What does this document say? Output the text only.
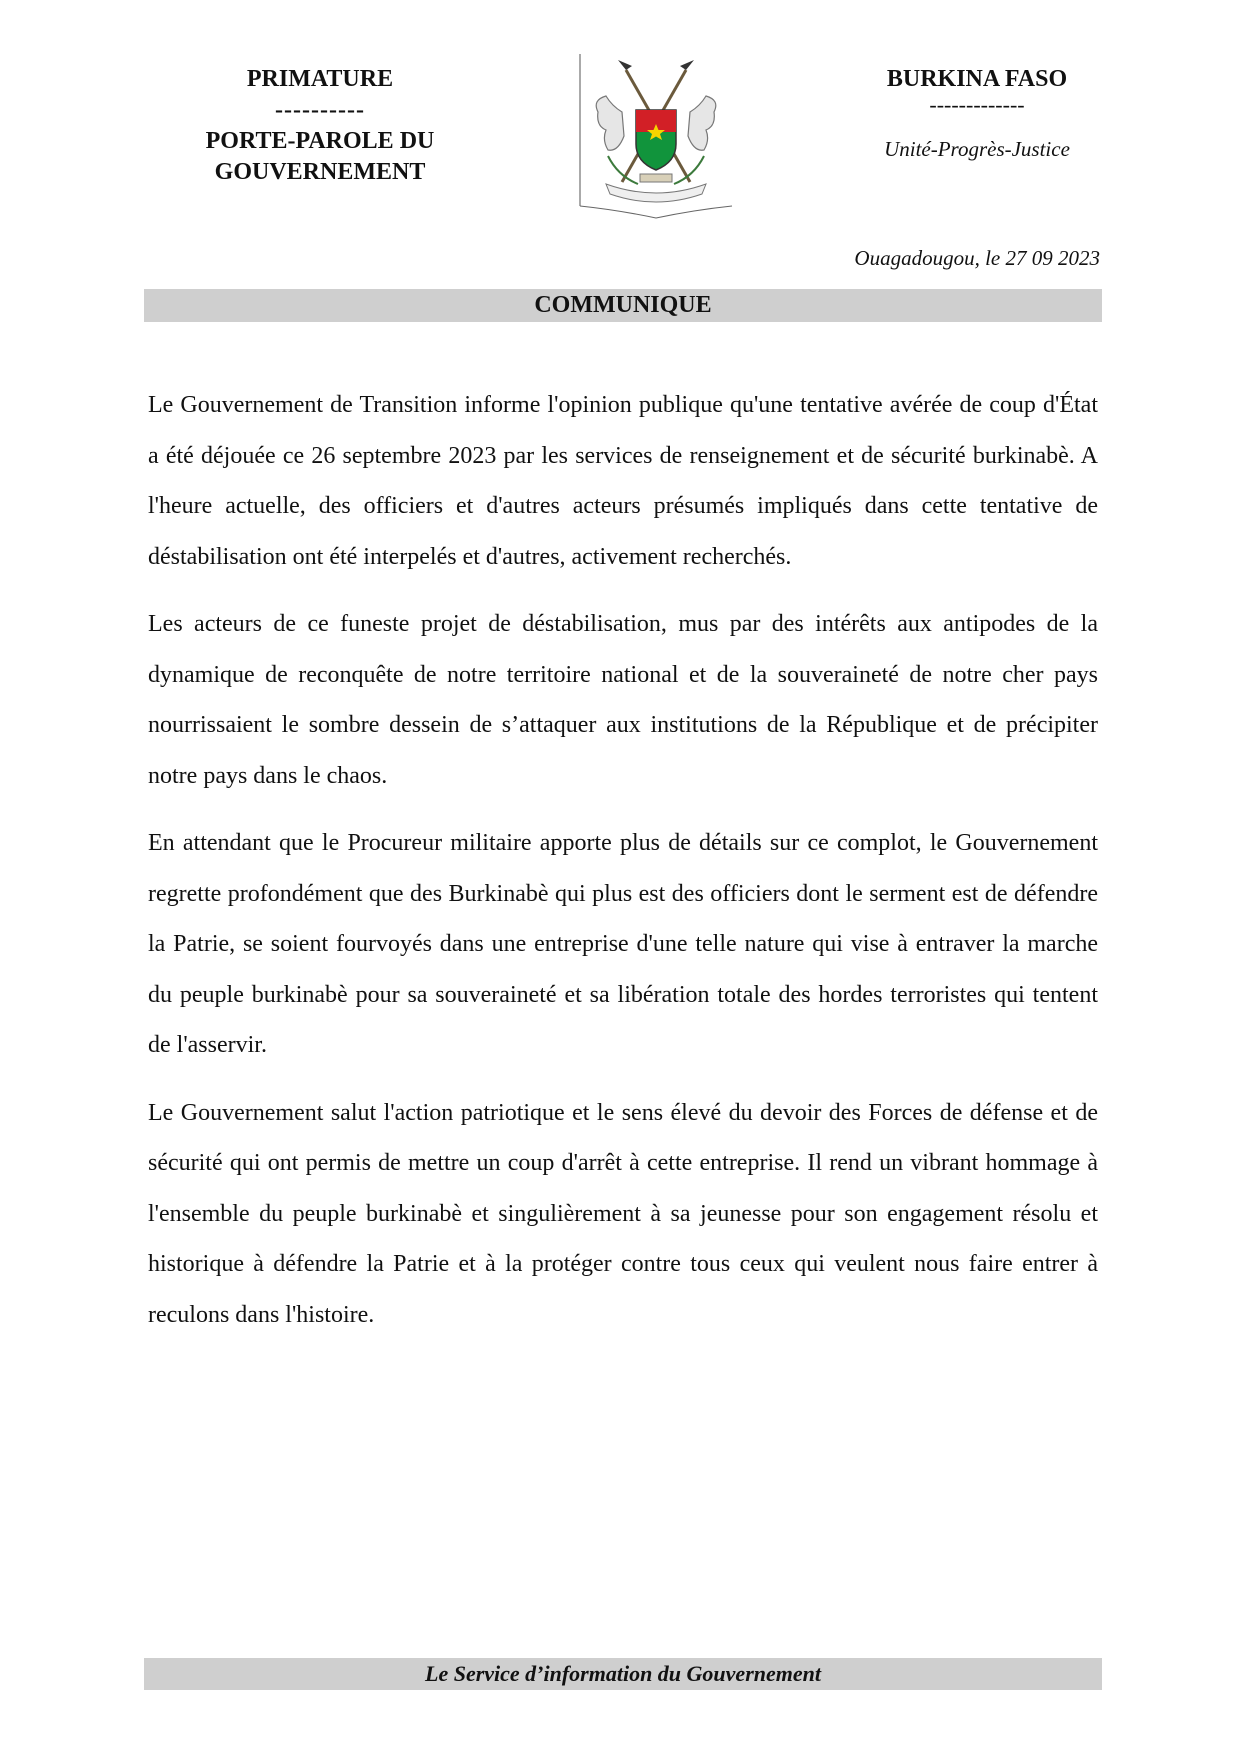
PRIMATURE
----------
PORTE-PAROLE DU
GOUVERNEMENT
BURKINA FASO
-------------
Unité-Progrès-Justice
Ouagadougou, le 27 09 2023
COMMUNIQUE

Le Gouvernement de Transition informe l'opinion publique qu'une tentative avérée de coup d'État a été déjouée ce 26 septembre 2023 par les services de renseignement et de sécurité burkinabè. A l'heure actuelle, des officiers et d'autres acteurs présumés impliqués dans cette tentative de déstabilisation ont été interpelés et d'autres, activement recherchés.

Les acteurs de ce funeste projet de déstabilisation, mus par des intérêts aux antipodes de la dynamique de reconquête de notre territoire national et de la souveraineté de notre cher pays nourrissaient le sombre dessein de s’attaquer aux institutions de la République et de précipiter notre pays dans le chaos.

En attendant que le Procureur militaire apporte plus de détails sur ce complot, le Gouvernement regrette profondément que des Burkinabè qui plus est des officiers dont le serment est de défendre la Patrie, se soient fourvoyés dans une entreprise d'une telle nature qui vise à entraver la marche du peuple burkinabè pour sa souveraineté et sa libération totale des hordes terroristes qui tentent de l'asservir.

Le Gouvernement salut l'action patriotique et le sens élevé du devoir des Forces de défense et de sécurité qui ont permis de mettre un coup d'arrêt à cette entreprise. Il rend un vibrant hommage à l'ensemble du peuple burkinabè et singulièrement à sa jeunesse pour son engagement résolu et historique à défendre la Patrie et à la protéger contre tous ceux qui veulent nous faire entrer à reculons dans l'histoire.

Le Service d’information du Gouvernement
